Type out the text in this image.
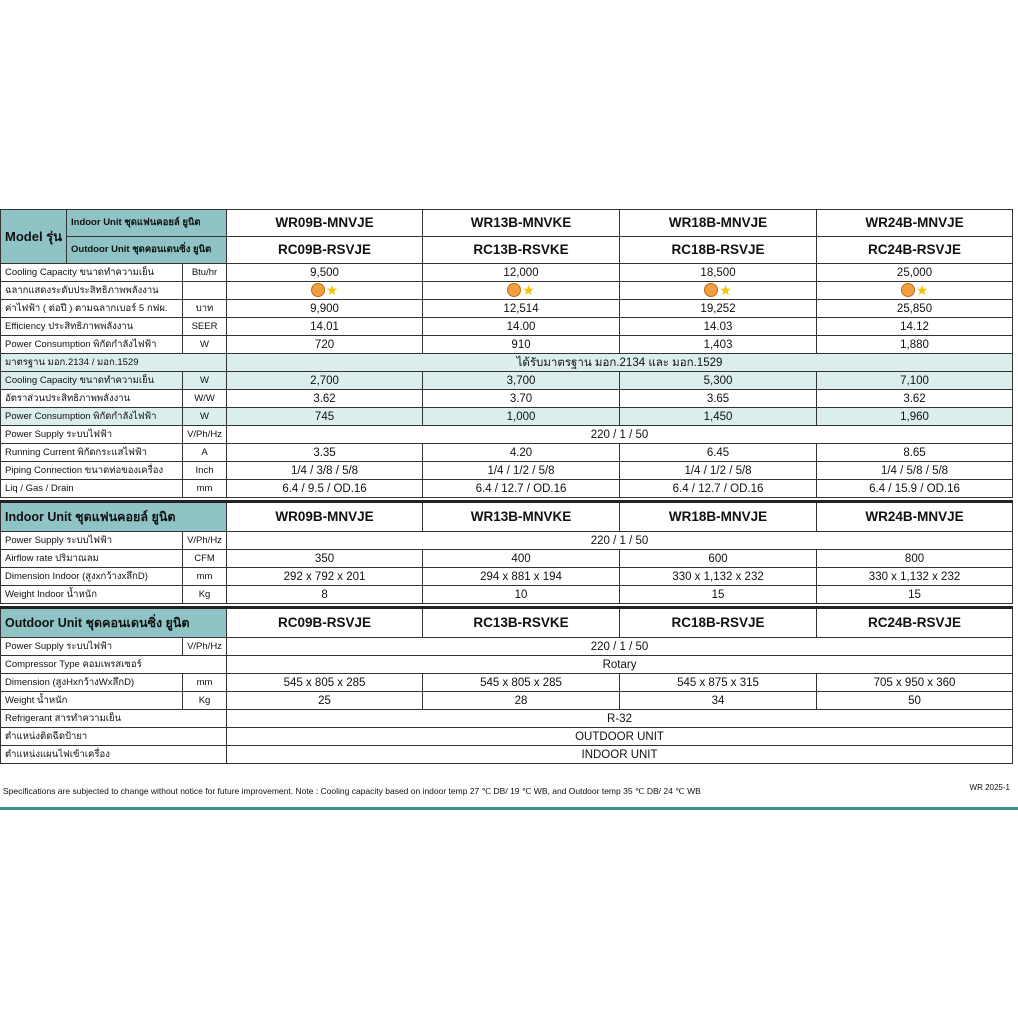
Model รุ่น	Indoor Unit ชุดแฟนคอยล์ ยูนิต		WR09B-MNVJE	WR13B-MNVKE	WR18B-MNVJE	WR24B-MNVJE
	Outdoor Unit ชุดคอนเดนซิ่ง ยูนิต		RC09B-RSVJE	RC13B-RSVKE	RC18B-RSVJE	RC24B-RSVJE
Cooling Capacity ขนาดทำความเย็น		Btu/hr	9,500	12,000	18,500	25,000
ฉลากแสดงระดับประสิทธิภาพพลังงาน			★	★	★	★

ค่าไฟฟ้า ( ต่อปี ) ตามฉลากเบอร์ 5 กฟผ.		บาท	9,900	12,514	19,252	25,850
Efficiency ประสิทธิภาพพลังงาน		SEER	14.01	14.00	14.03	14.12
Power Consumption พิกัดกำลังไฟฟ้า		W	720	910	1,403	1,880
มาตรฐาน มอก.2134 / มอก.1529			ได้รับมาตรฐาน มอก.2134 และ มอก.1529			
Cooling Capacity ขนาดทำความเย็น		W	2,700	3,700	5,300	7,100
อัตราส่วนประสิทธิภาพพลังงาน		W/W	3.62	3.70	3.65	3.62
Power Consumption พิกัดกำลังไฟฟ้า		W	745	1,000	1,450	1,960
Power Supply ระบบไฟฟ้า		V/Ph/Hz	220 / 1 / 50			
Running Current พิกัดกระแสไฟฟ้า		A	3.35	4.20	6.45	8.65
Piping Connection ขนาดท่อของเครื่อง		Inch	1/4 / 3/8 / 5/8	1/4 / 1/2 / 5/8	1/4 / 1/2 / 5/8	1/4 / 5/8 / 5/8
Liq / Gas / Drain		mm	6.4 / 9.5 / OD.16	6.4 / 12.7 / OD.16	6.4 / 12.7 / OD.16	6.4 / 15.9 / OD.16

Indoor Unit ชุดแฟนคอยล์ ยูนิต			WR09B-MNVJE	WR13B-MNVKE	WR18B-MNVJE	WR24B-MNVJE
Power Supply ระบบไฟฟ้า		V/Ph/Hz	220 / 1 / 50			
Airflow rate ปริมาณลม		CFM	350	400	600	800
Dimension Indoor (สูงxกว้างxลึกD)		mm	292 x 792 x 201	294 x 881 x 194	330 x 1,132 x 232	330 x 1,132 x 232
Weight Indoor น้ำหนัก		Kg	8	10	15	15

Outdoor Unit ชุดคอนเดนซิ่ง ยูนิต			RC09B-RSVJE	RC13B-RSVKE	RC18B-RSVJE	RC24B-RSVJE
Power Supply ระบบไฟฟ้า		V/Ph/Hz	220 / 1 / 50			
Compressor Type คอมเพรสเซอร์			Rotary			
Dimension (สูงHxกว้างWxลึกD)		mm	545 x 805 x 285	545 x 805 x 285	545 x 875 x 315	705 x 950 x 360
Weight น้ำหนัก		Kg	25	28	34	50
Refrigerant สารทำความเย็น			R-32			
ตำแหน่งติดฉีดป้ายา			OUTDOOR UNIT			
ตำแหน่งแผนไฟเข้าเครื่อง			INDOOR UNIT			
Specifications are subjected to change without notice for future improvement. Note : Cooling capacity based on indoor temp 27 ℃ DB/ 19 ℃ WB, and Outdoor temp 35 ℃ DB/ 24 ℃ WB	WR 2025-1
